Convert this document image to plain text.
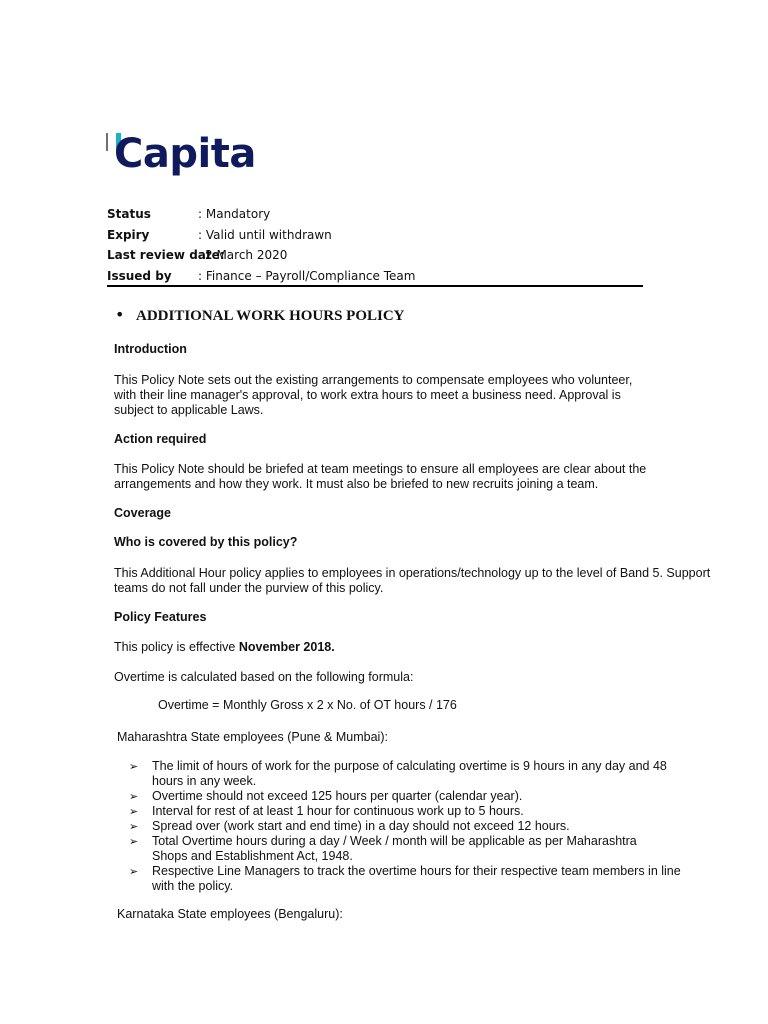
Capita
Status	: Mandatory
Expiry	: Valid until withdrawn
Last review date:
2 March 2020
Issued by : Finance – Payroll/Compliance Team
• ADDITIONAL WORK HOURS POLICY
Introduction
This Policy Note sets out the existing arrangements to compensate employees who volunteer, with their line manager's approval, to work extra hours to meet a business need. Approval is subject to applicable Laws.
Action required
This Policy Note should be briefed at team meetings to ensure all employees are clear about the arrangements and how they work. It must also be briefed to new recruits joining a team.
Coverage
Who is covered by this policy?
This Additional Hour policy applies to employees in operations/technology up to the level of Band 5. Support teams do not fall under the purview of this policy.
Policy Features
This policy is effective November 2018.
Overtime is calculated based on the following formula:
Overtime = Monthly Gross x 2 x No. of OT hours / 176
Maharashtra State employees (Pune & Mumbai):
➢ The limit of hours of work for the purpose of calculating overtime is 9 hours in any day and 48 hours in any week.
➢ Overtime should not exceed 125 hours per quarter (calendar year).
➢ Interval for rest of at least 1 hour for continuous work up to 5 hours.
➢ Spread over (work start and end time) in a day should not exceed 12 hours.
➢ Total Overtime hours during a day / Week / month will be applicable as per Maharashtra Shops and Establishment Act, 1948.
➢ Respective Line Managers to track the overtime hours for their respective team members in line with the policy.
Karnataka State employees (Bengaluru):
